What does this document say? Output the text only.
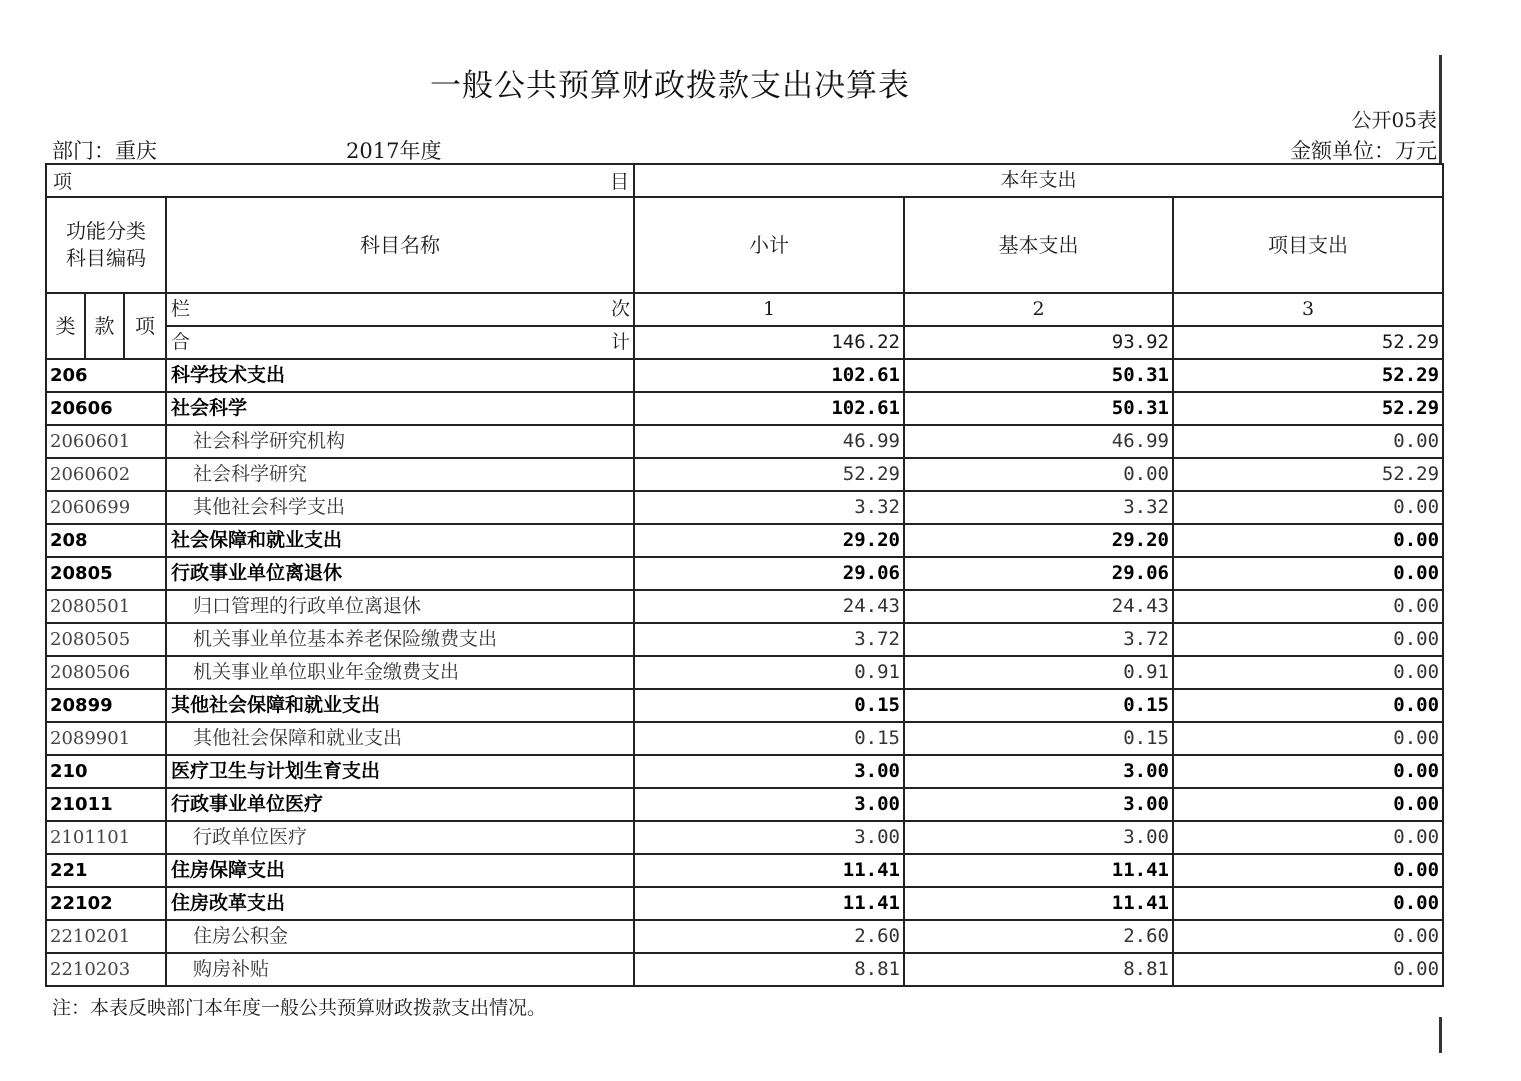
一般公共预算财政拨款支出决算表
公开05表
部门：重庆	2017年度	金额单位：万元
项 目				本年支出		
功能分类
科目编码			科目名称	小计	基本支出	项目支出
类	款	项	栏 次	1	2	3

			合 计	146.22	93.92	52.29
206			科学技术支出	102.61	50.31	52.29
20606			社会科学	102.61	50.31	52.29
2060601			社会科学研究机构	46.99	46.99	0.00
2060602			社会科学研究	52.29	0.00	52.29
2060699			其他社会科学支出	3.32	3.32	0.00
208			社会保障和就业支出	29.20	29.20	0.00
20805			行政事业单位离退休	29.06	29.06	0.00
2080501			归口管理的行政单位离退休	24.43	24.43	0.00
2080505			机关事业单位基本养老保险缴费支出	3.72	3.72	0.00
2080506			机关事业单位职业年金缴费支出	0.91	0.91	0.00
20899			其他社会保障和就业支出	0.15	0.15	0.00
2089901			其他社会保障和就业支出	0.15	0.15	0.00
210			医疗卫生与计划生育支出	3.00	3.00	0.00
21011			行政事业单位医疗	3.00	3.00	0.00
2101101			行政单位医疗	3.00	3.00	0.00
221			住房保障支出	11.41	11.41	0.00
22102			住房改革支出	11.41	11.41	0.00
2210201			住房公积金	2.60	2.60	0.00
2210203			购房补贴	8.81	8.81	0.00
注：本表反映部门本年度一般公共预算财政拨款支出情况。
